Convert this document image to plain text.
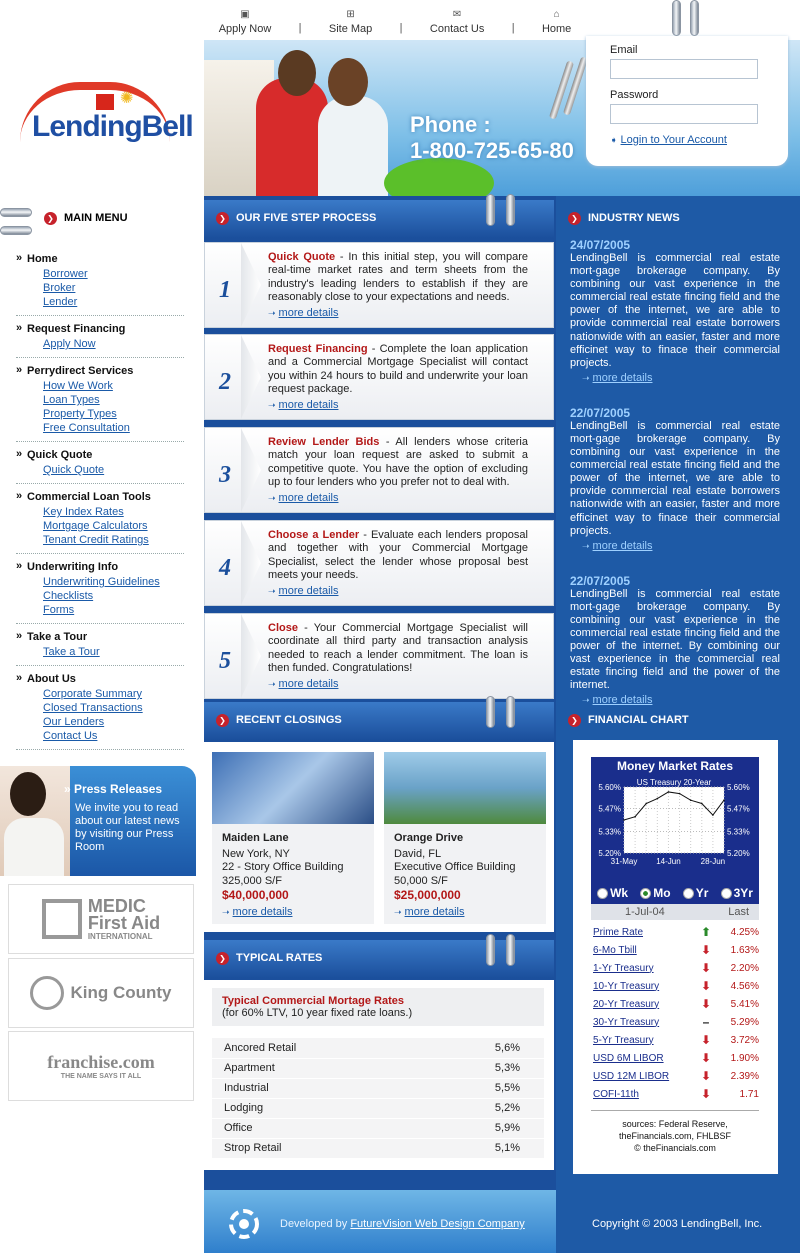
▣
Apply Now |
⊞
Site Map |
✉
Contact Us |
⌂
Home
✺
LendingBell	Phone :
1-800-725-65-80
Email
Password
➧ Login to Your Account
❯ MAIN MENU
» Home
Borrower
Broker
Lender
» Request Financing
Apply Now
» Perrydirect Services
How We Work
Loan Types
Property Types
Free Consultation
» Quick Quote
Quick Quote
» Commercial Loan Tools
Key Index Rates
Mortgage Calculators
Tenant Credit Ratings
» Underwriting Info
Underwriting Guidelines
Checklists
Forms
» Take a Tour
Take a Tour
» About Us
Corporate Summary
Closed Transactions
Our Lenders
Contact Us
» Press Releases
We invite you to read about our latest news by visiting our Press Room
MEDIC
First Aid
INTERNATIONAL
King County
franchise.com
THE NAME SAYS IT ALL
❯ OUR FIVE STEP PROCESS
1
Quick Quote - In this initial step, you will compare real-time market rates and term sheets from the industry's leading lenders to establish if they are reasonably close to your expectations and needs.
➝ more details
2
Request Financing - Complete the loan application and a Commercial Mortgage Specialist will contact you within 24 hours to build and underwrite your loan request package.
➝ more details
3
Review Lender Bids - All lenders whose criteria match your loan request are asked to submit a competitive quote. You have the option of excluding up to four lenders who you prefer not to deal with.
➝ more details
4
Choose a Lender - Evaluate each lenders proposal and together with your Commercial Mortgage Specialist, select the lender whose proposal best meets your needs.
➝ more details
5
Close - Your Commercial Mortgage Specialist will coordinate all third party and transaction analysis needed to reach a lender commitment. The loan is then funded. Congratulations!
➝ more details
❯ RECENT CLOSINGS
Maiden Lane
New York, NY
22 - Story Office Building
325,000 S/F
$40,000,000
➝ more details
Orange Drive
David, FL
Executive Office Building
50,000 S/F
$25,000,000
➝ more details
❯ TYPICAL RATES
Typical Commercial Mortage Rates
(for 60% LTV, 10 year fixed rate loans.)
Ancored Retail	5,6%
Apartment	5,3%
Industrial	5,5%
Lodging	5,2%
Office	5,9%
Strop Retail	5,1%
❯ INDUSTRY NEWS
24/07/2005
LendingBell is commercial real estate mort-gage brokerage company. By combining our vast experience in the commercial real estate fincing field and the power of the internet, we are able to provide commercial real estate borrowers nationwide with an easier, faster and more efficinet way to finace their commercial projects.
➝ more details
22/07/2005
LendingBell is commercial real estate mort-gage brokerage company. By combining our vast experience in the commercial real estate fincing field and the power of the internet, we are able to provide commercial real estate borrowers nationwide with an easier, faster and more efficinet way to finace their commercial projects.
➝ more details
22/07/2005
LendingBell is commercial real estate mort-gage brokerage company. By combining our vast experience in the commercial real estate fincing field and the power of the internet. By combining our vast experience in the commercial real estate fincing field and the power of the internet.
➝ more details
❯ FINANCIAL CHART
Money Market Rates
5.20%	5.20%
5.33%	5.33%
5.47%	5.47%
5.60%	5.60%
31-May 14-Jun 28-Jun
US Treasury 20-Year
Wk	Mo	Yr	3Yr
1-Jul-04	Last
Prime Rate	⬆	4.25%
6-Mo Tbill	⬇	1.63%
1-Yr Treasury	⬇	2.20%
10-Yr Treasury	⬇	4.56%
20-Yr Treasury	⬇	5.41%
30-Yr Treasury	–	5.29%
5-Yr Treasury	⬇	3.72%
USD 6M LIBOR	⬇	1.90%
USD 12M LIBOR	⬇	2.39%
COFI-11th	⬇	1.71
sources: Federal Reserve,
theFinancials.com, FHLBSF
© theFinancials.com
Developed by FutureVision Web Design Company	Copyright © 2003 LendingBell, Inc.
